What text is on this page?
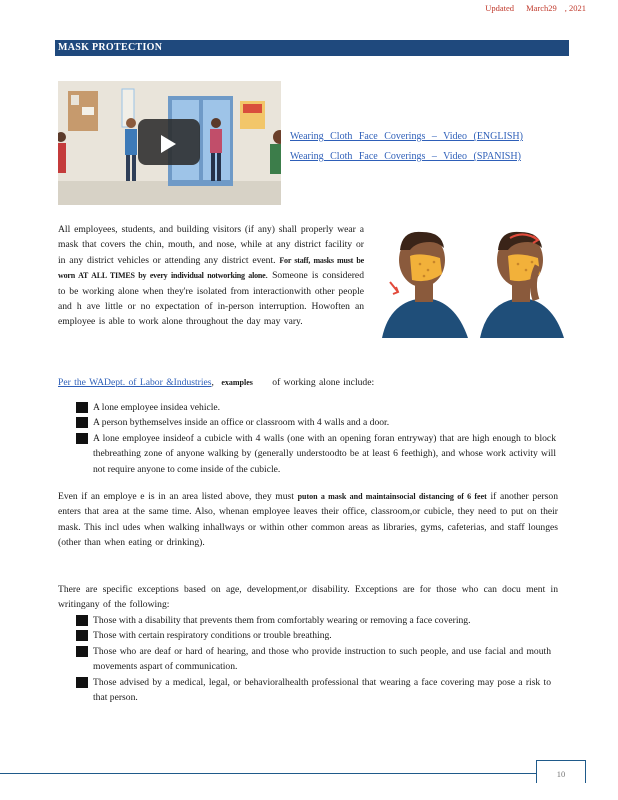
Updated March29 , 2021
MASK PROTECTION
Wearing Cloth Face Coverings – Video (ENGLISH)
Wearing Cloth Face Coverings – Video (SPANISH)
All employees, students, and building visitors (if any) shall properly wear a mask that covers the chin, mouth, and nose, while at any district facility or in any district vehicles or attending any district event. For staff, masks must be worn AT ALL TIMES by every individual notworking alone. Someone is considered to be working alone when they're isolated from interactionwith other people and h ave little or no expectation of in-person interruption. Howoften an employee is able to work alone throughout the day may vary.
Per the WADept. of Labor &Industries, examples of working alone include:
A lone employee insidea vehicle.
A person bythemselves inside an office or classroom with 4 walls and a door.
A lone employee insideof a cubicle with 4 walls (one with an opening foran entryway) that are high enough to block thebreathing zone of anyone walking by (generally understoodto be at least 6 feethigh), and whose work activity will not require anyone to come inside of the cubicle.
Even if an employe e is in an area listed above, they must puton a mask and maintainsocial distancing of 6 feet if another person enters that area at the same time. Also, whenan employee leaves their office, classroom,or cubicle, they need to put on their mask. This incl udes when walking inhallways or within other common areas as libraries, gyms, cafeterias, and staff lounges (other than when eating or drinking).
There are specific exceptions based on age, development,or disability. Exceptions are for those who can docu ment in writingany of the following:
Those with a disability that prevents them from comfortably wearing or removing a face covering.
Those with certain respiratory conditions or trouble breathing.
Those who are deaf or hard of hearing, and those who provide instruction to such people, and use facial and mouth movements aspart of communication.
Those advised by a medical, legal, or behavioralhealth professional that wearing a face covering may pose a risk to that person.
10
